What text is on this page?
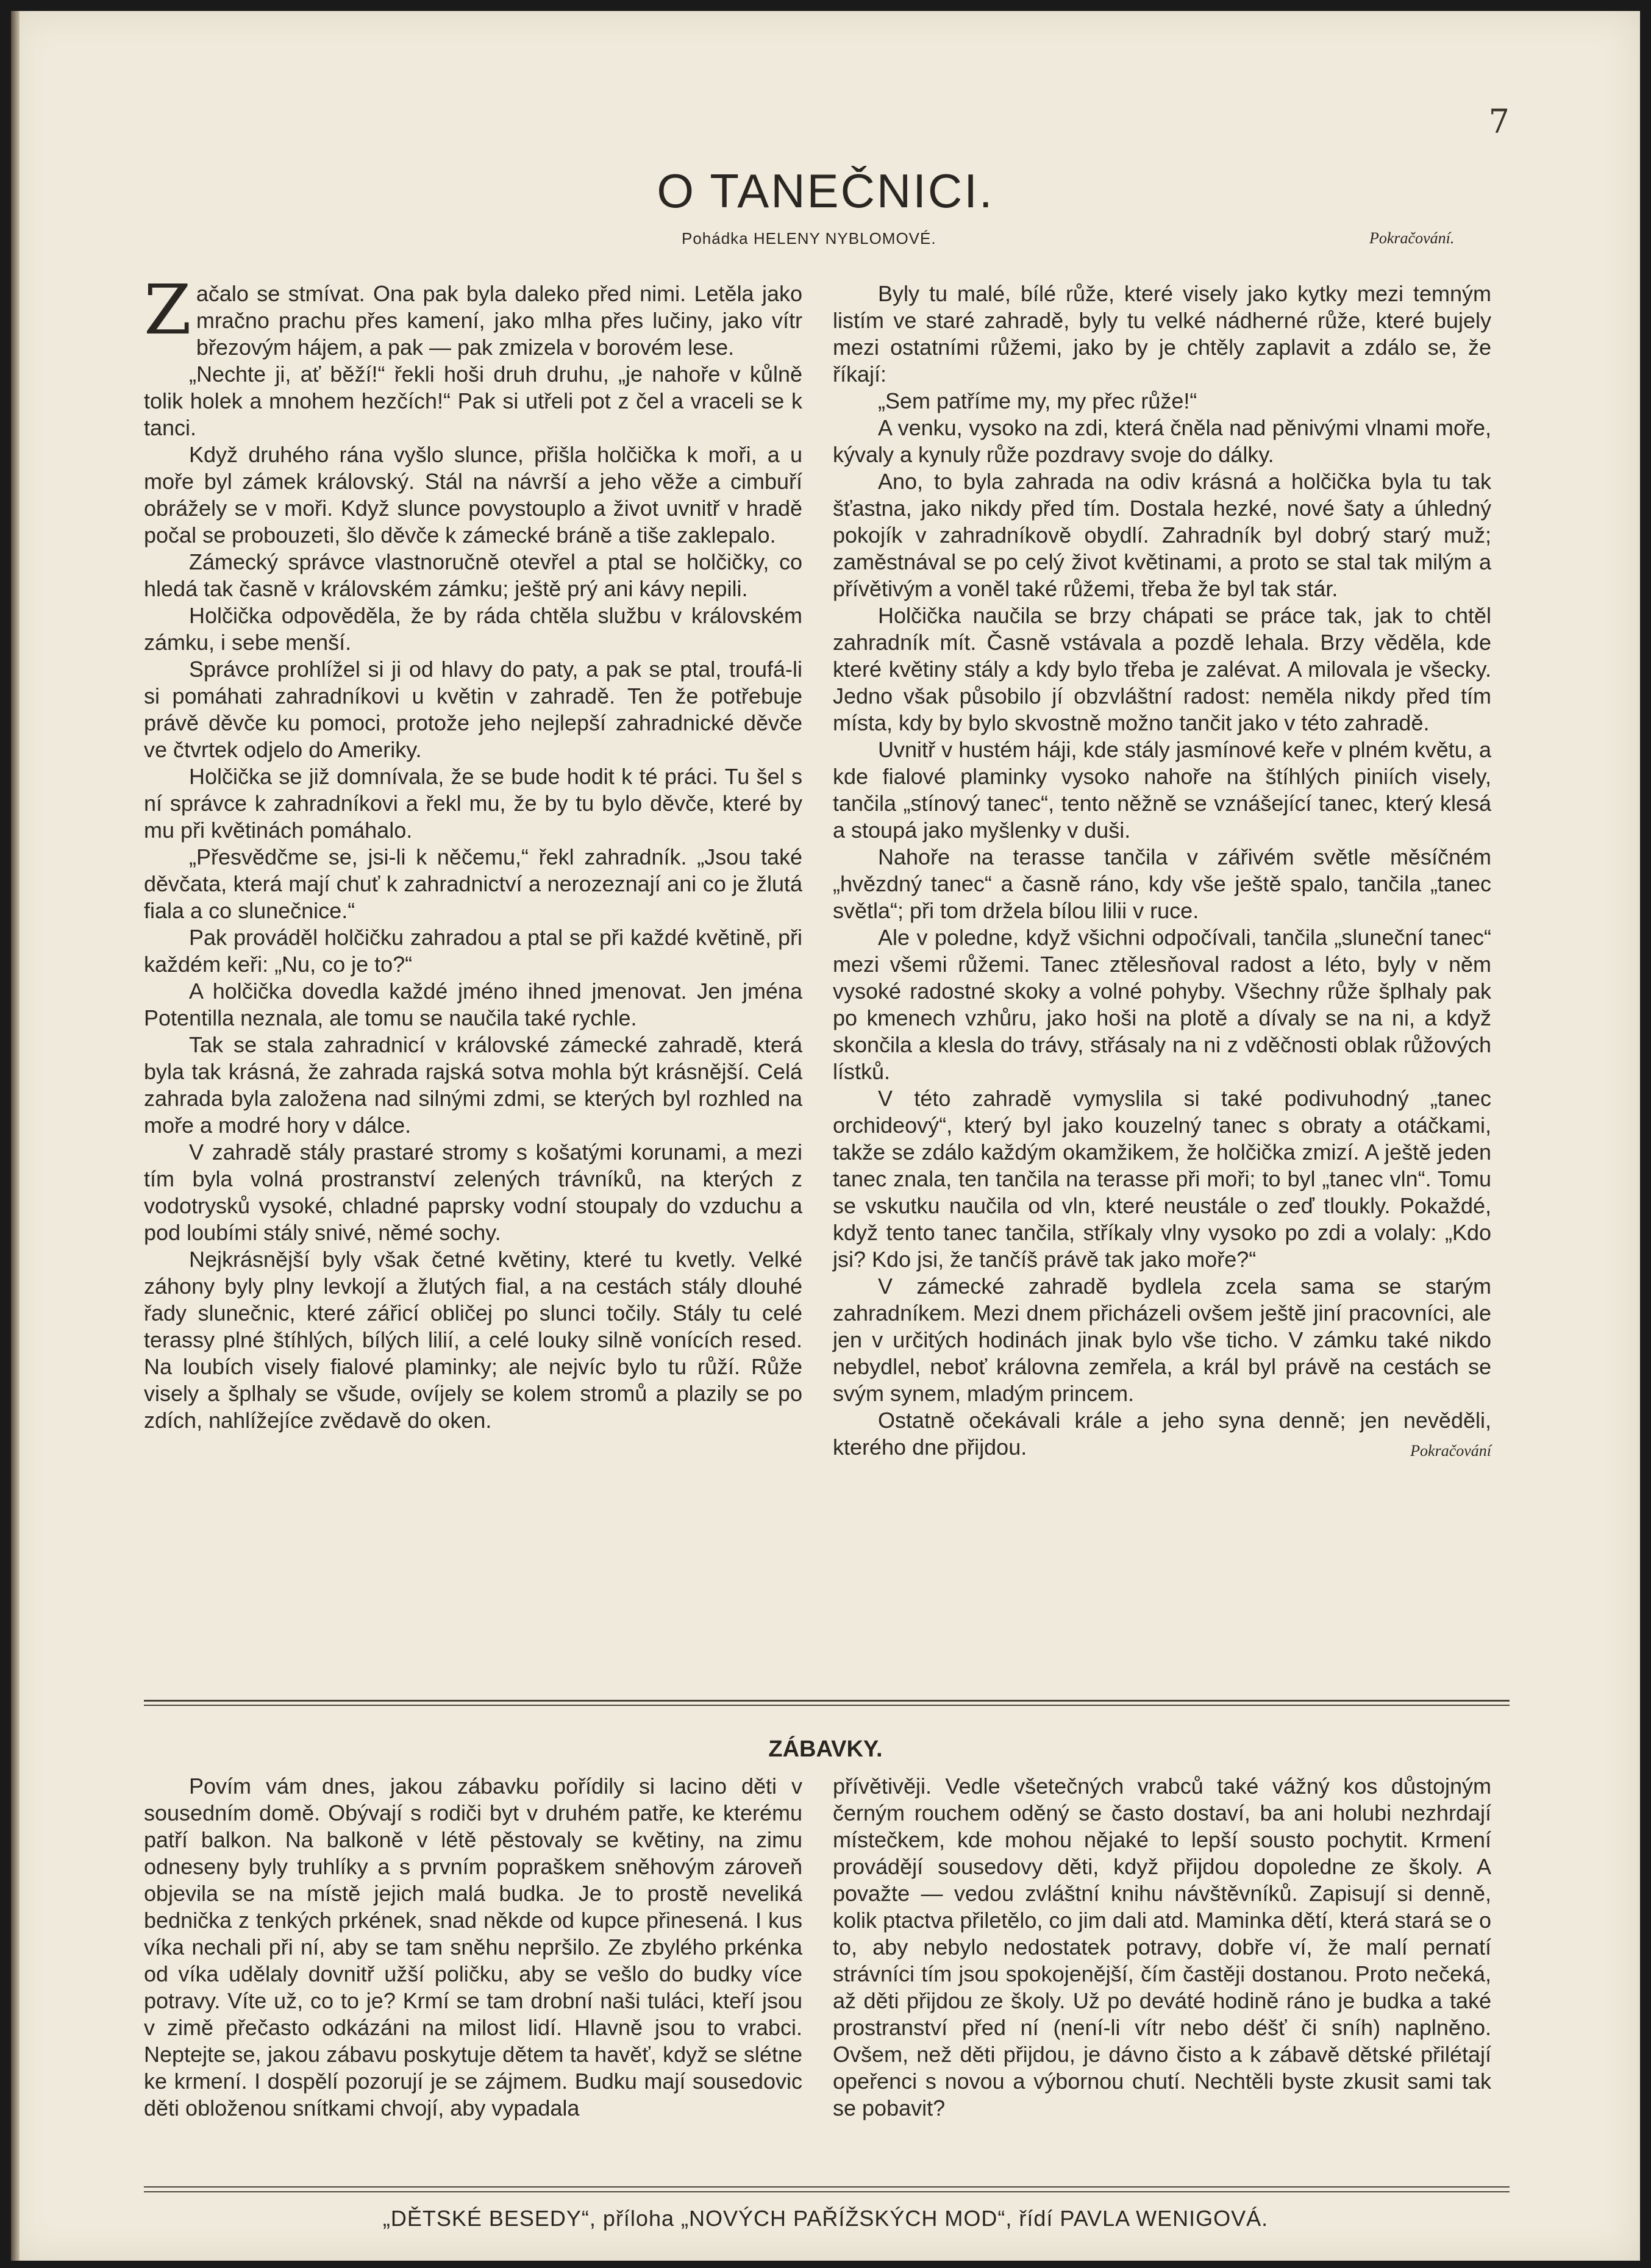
7
O TANEČNICI.
Pohádka HELENY NYBLOMOVÉ.	Pokračování.

Začalo se stmívat. Ona pak byla daleko před nimi. Letěla jako mračno prachu přes kamení, jako mlha přes lučiny, jako vítr březovým hájem, a pak — pak zmizela v borovém lese.

„Nechte ji, ať běží!“ řekli hoši druh druhu, „je nahoře v kůlně tolik holek a mnohem hezčích!“ Pak si utřeli pot z čel a vraceli se k tanci.

Když druhého rána vyšlo slunce, přišla holčička k moři, a u moře byl zámek královský. Stál na návrší a jeho věže a cimbuří obrážely se v moři. Když slunce povystouplo a život uvnitř v hradě počal se probouzeti, šlo děvče k zámecké bráně a tiše zaklepalo.

Zámecký správce vlastnoručně otevřel a ptal se holčičky, co hledá tak časně v královském zámku; ještě prý ani kávy nepili.

Holčička odpověděla, že by ráda chtěla službu v královském zámku, i sebe menší.

Správce prohlížel si ji od hlavy do paty, a pak se ptal, troufá-li si pomáhati zahradníkovi u květin v zahradě. Ten že potřebuje právě děvče ku pomoci, protože jeho nejlepší zahradnické děvče ve čtvrtek odjelo do Ameriky.

Holčička se již domnívala, že se bude hodit k té práci. Tu šel s ní správce k zahradníkovi a řekl mu, že by tu bylo děvče, které by mu při květinách pomáhalo.

„Přesvědčme se, jsi-li k něčemu,“ řekl zahradník. „Jsou také děvčata, která mají chuť k zahradnictví a nerozeznají ani co je žlutá fiala a co slunečnice.“

Pak prováděl holčičku zahradou a ptal se při každé květině, při každém keři: „Nu, co je to?“

A holčička dovedla každé jméno ihned jmenovat. Jen jména Potentilla neznala, ale tomu se naučila také rychle.

Tak se stala zahradnicí v královské zámecké zahradě, která byla tak krásná, že zahrada rajská sotva mohla být krásnější. Celá zahrada byla založena nad silnými zdmi, se kterých byl rozhled na moře a modré hory v dálce.

V zahradě stály prastaré stromy s košatými korunami, a mezi tím byla volná prostranství zelených trávníků, na kterých z vodotrysků vysoké, chladné paprsky vodní stoupaly do vzduchu a pod loubími stály snivé, němé sochy.

Nejkrásnější byly však četné květiny, které tu kvetly. Velké záhony byly plny levkojí a žlutých fial, a na cestách stály dlouhé řady slunečnic, které zářicí obličej po slunci točily. Stály tu celé terassy plné štíhlých, bílých lilií, a celé louky silně vonících resed. Na loubích visely fialové plaminky; ale nejvíc bylo tu růží. Růže visely a šplhaly se všude, ovíjely se kolem stromů a plazily se po zdích, nahlížejíce zvědavě do oken.

Byly tu malé, bílé růže, které visely jako kytky mezi temným listím ve staré zahradě, byly tu velké nádherné růže, které bujely mezi ostatními růžemi, jako by je chtěly zaplavit a zdálo se, že říkají:

„Sem patříme my, my přec růže!“

A venku, vysoko na zdi, která čněla nad pěnivými vlnami moře, kývaly a kynuly růže pozdravy svoje do dálky.

Ano, to byla zahrada na odiv krásná a holčička byla tu tak šťastna, jako nikdy před tím. Dostala hezké, nové šaty a úhledný pokojík v zahradníkově obydlí. Zahradník byl dobrý starý muž; zaměstnával se po celý život květinami, a proto se stal tak milým a přívětivým a voněl také růžemi, třeba že byl tak stár.

Holčička naučila se brzy chápati se práce tak, jak to chtěl zahradník mít. Časně vstávala a pozdě lehala. Brzy věděla, kde které květiny stály a kdy bylo třeba je zalévat. A milovala je všecky. Jedno však působilo jí obzvláštní radost: neměla nikdy před tím místa, kdy by bylo skvostně možno tančit jako v této zahradě.

Uvnitř v hustém háji, kde stály jasmínové keře v plném květu, a kde fialové plaminky vysoko nahoře na štíhlých piniích visely, tančila „stínový tanec“, tento něžně se vznášející tanec, který klesá a stoupá jako myšlenky v duši.

Nahoře na terasse tančila v zářivém světle měsíčném „hvězdný tanec“ a časně ráno, kdy vše ještě spalo, tančila „tanec světla“; při tom držela bílou lilii v ruce.

Ale v poledne, když všichni odpočívali, tančila „sluneční tanec“ mezi všemi růžemi. Tanec ztělesňoval radost a léto, byly v něm vysoké radostné skoky a volné pohyby. Všechny růže šplhaly pak po kmenech vzhůru, jako hoši na plotě a dívaly se na ni, a když skončila a klesla do trávy, střásaly na ni z vděčnosti oblak růžových lístků.

V této zahradě vymyslila si také podivuhodný „tanec orchideový“, který byl jako kouzelný tanec s obraty a otáčkami, takže se zdálo každým okamžikem, že holčička zmizí. A ještě jeden tanec znala, ten tančila na terasse při moři; to byl „tanec vln“. Tomu se vskutku naučila od vln, které neustále o zeď tloukly. Pokaždé, když tento tanec tančila, stříkaly vlny vysoko po zdi a volaly: „Kdo jsi? Kdo jsi, že tančíš právě tak jako moře?“

V zámecké zahradě bydlela zcela sama se starým zahradníkem. Mezi dnem přicházeli ovšem ještě jiní pracovníci, ale jen v určitých hodinách jinak bylo vše ticho. V zámku také nikdo nebydlel, neboť královna zemřela, a král byl právě na cestách se svým synem, mladým princem.

Ostatně očekávali krále a jeho syna denně; jen nevěděli, kterého dne přijdou.	Pokračování

ZÁBAVKY.

Povím vám dnes, jakou zábavku pořídily si lacino děti v sousedním domě. Obývají s rodiči byt v druhém patře, ke kterému patří balkon. Na balkoně v létě pěstovaly se květiny, na zimu odneseny byly truhlíky a s prvním popraškem sněhovým zároveň objevila se na místě jejich malá budka. Je to prostě neveliká bednička z tenkých prkének, snad někde od kupce přinesená. I kus víka nechali při ní, aby se tam sněhu nepršilo. Ze zbylého prkénka od víka udělaly dovnitř užší poličku, aby se vešlo do budky více potravy. Víte už, co to je? Krmí se tam drobní naši tuláci, kteří jsou v zimě přečasto odkázáni na milost lidí. Hlavně jsou to vrabci. Neptejte se, jakou zábavu poskytuje dětem ta havěť, když se slétne ke krmení. I dospělí pozorují je se zájmem. Budku mají sousedovic děti obloženou snítkami chvojí, aby vypadala

přívětivěji. Vedle všetečných vrabců také vážný kos důstojným černým rouchem oděný se často dostaví, ba ani holubi nezhrdají místečkem, kde mohou nějaké to lepší sousto pochytit. Krmení provádějí sousedovy děti, když přijdou dopoledne ze školy. A považte — vedou zvláštní knihu návštěvníků. Zapisují si denně, kolik ptactva přiletělo, co jim dali atd. Maminka dětí, která stará se o to, aby nebylo nedostatek potravy, dobře ví, že malí pernatí strávníci tím jsou spokojenější, čím častěji dostanou. Proto nečeká, až děti přijdou ze školy. Už po deváté hodině ráno je budka a také prostranství před ní (není-li vítr nebo déšť či sníh) naplněno. Ovšem, než děti přijdou, je dávno čisto a k zábavě dětské přilétají opeřenci s novou a výbornou chutí. Nechtěli byste zkusit sami tak se pobavit?

„DĚTSKÉ BESEDY“, příloha „NOVÝCH PAŘÍŽSKÝCH MOD“, řídí PAVLA WENIGOVÁ.
